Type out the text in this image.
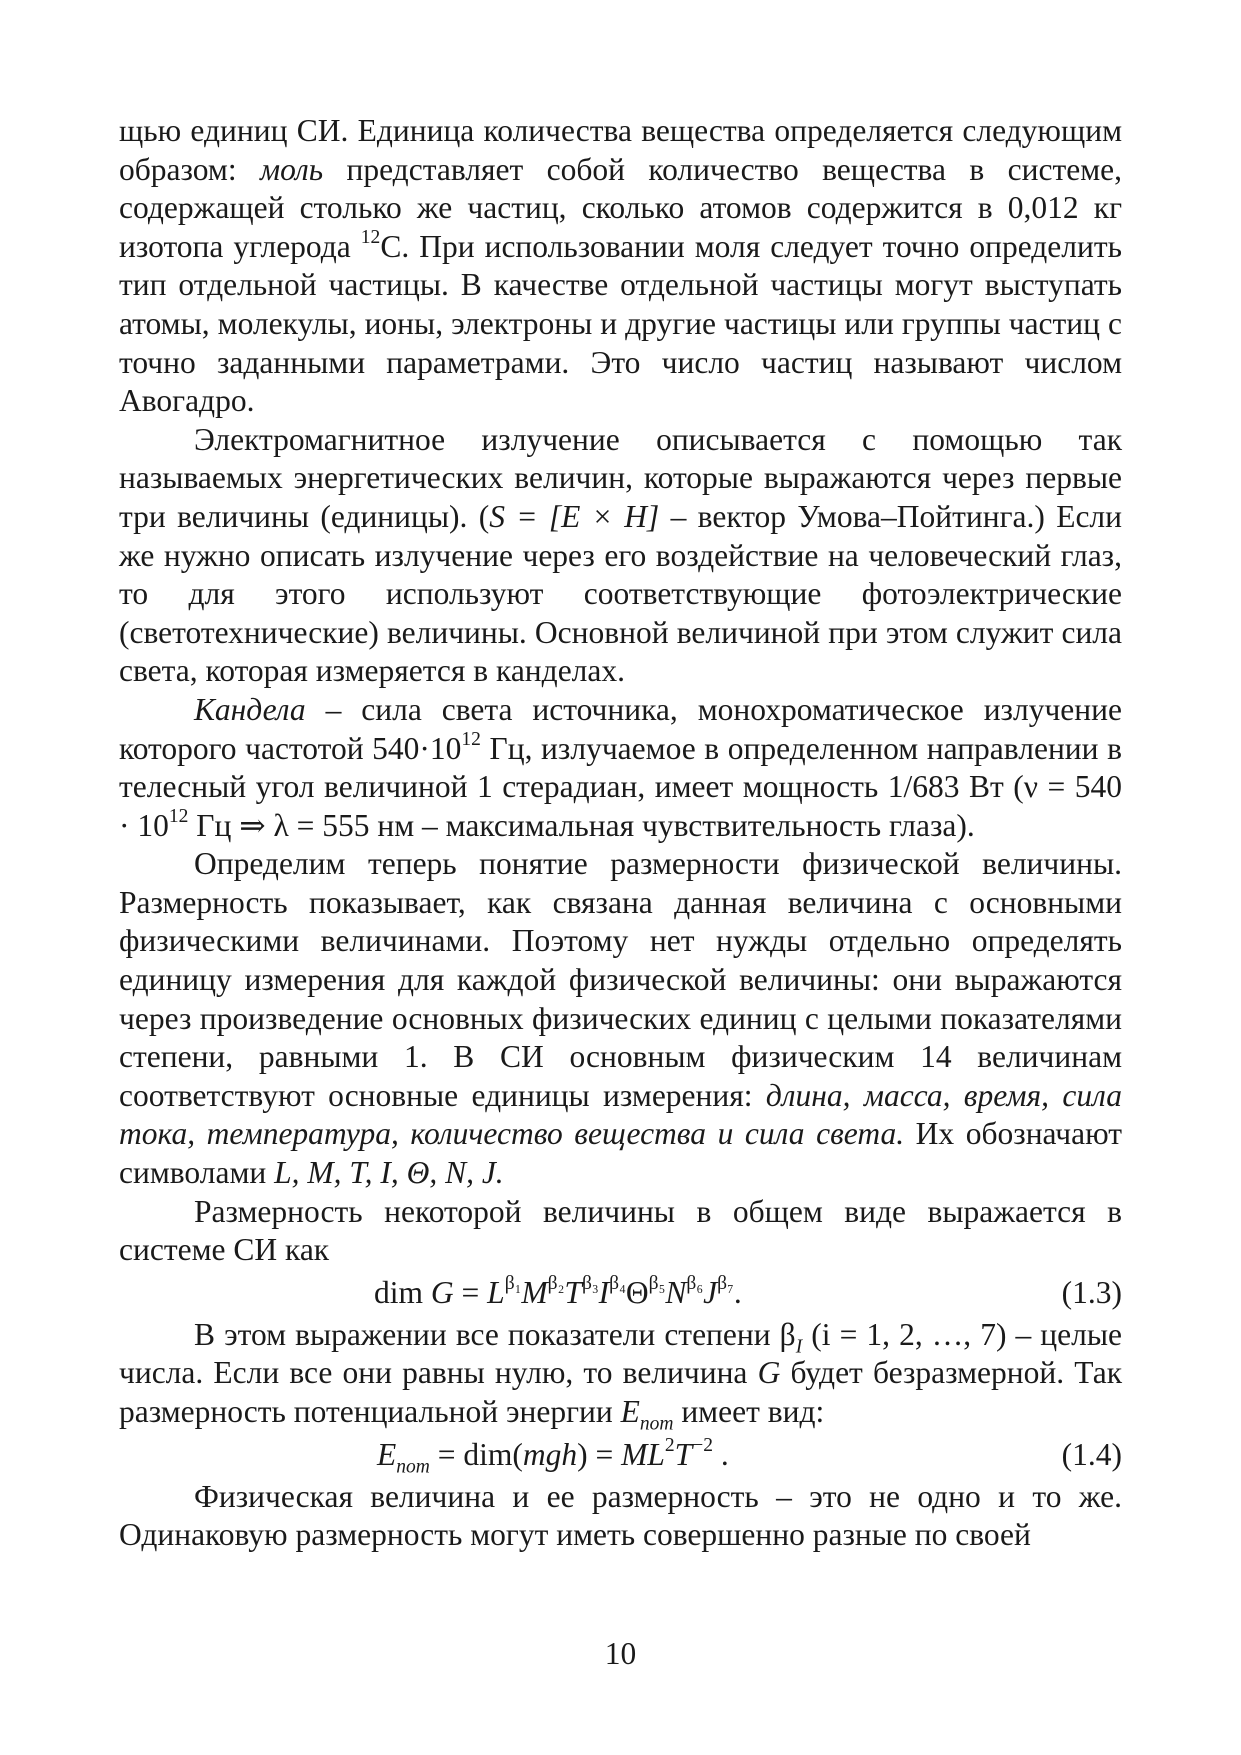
щью единиц СИ. Единица количества вещества определяется следующим образом: моль представляет собой количество вещества в системе, содержащей столько же частиц, сколько атомов содержится в 0,012 кг изотопа углерода $^{12}$С. При использовании моля следует точно определить тип отдельной частицы. В качестве отдельной частицы могут выступать атомы, молекулы, ионы, электроны и другие частицы или группы частиц с точно заданными параметрами. Это число частиц называют числом Авогадро.

Электромагнитное излучение описывается с помощью так называемых энергетических величин, которые выражаются через первые три величины (единицы). (S = [E × H] – вектор Умова–Пойтинга.) Если же нужно описать излучение через его воздействие на человеческий глаз, то для этого используют соответствующие фотоэлектрические (светотехнические) величины. Основной величиной при этом служит сила света, которая измеряется в канделах.

Кандела – сила света источника, монохроматическое излучение которого частотой $540\cdot 10^{12}$ Гц, излучаемое в определенном направлении в телесный угол величиной 1 стерадиан, имеет мощность 1/683 Вт ($\nu = 540 \cdot 10^{12}$ Гц ⇒ λ = 555 нм – максимальная чувствительность глаза).

Определим теперь понятие размерности физической величины. Размерность показывает, как связана данная величина с основными физическими величинами. Поэтому нет нужды отдельно определять единицу измерения для каждой физической величины: они выражаются через произведение основных физических единиц с целыми показателями степени, равными 1. В СИ основным физическим 14 величинам соответствуют основные единицы измерения: длина, масса, время, сила тока, температура, количество вещества и сила света. Их обозначают символами L, M, T, I, Θ, N, J.

Размерность некоторой величины в общем виде выражается в системе СИ как

dim $G = L^{\beta_1}M^{\beta_2}T^{\beta_3}I^{\beta_4}\Theta^{\beta_5}N^{\beta_6}J^{\beta_7}$.	(1.3)

В этом выражении все показатели степени $\beta_I$ (i = 1, 2, …, 7) – целые числа. Если все они равны нулю, то величина G будет безразмерной. Так размерность потенциальной энергии $E_{пот}$ имеет вид:

$E_{пот} = dim(mgh) = ML^2T^{-2}$ .	(1.4)

Физическая величина и ее размерность – это не одно и то же. Одинаковую размерность могут иметь совершенно разные по своей

10
